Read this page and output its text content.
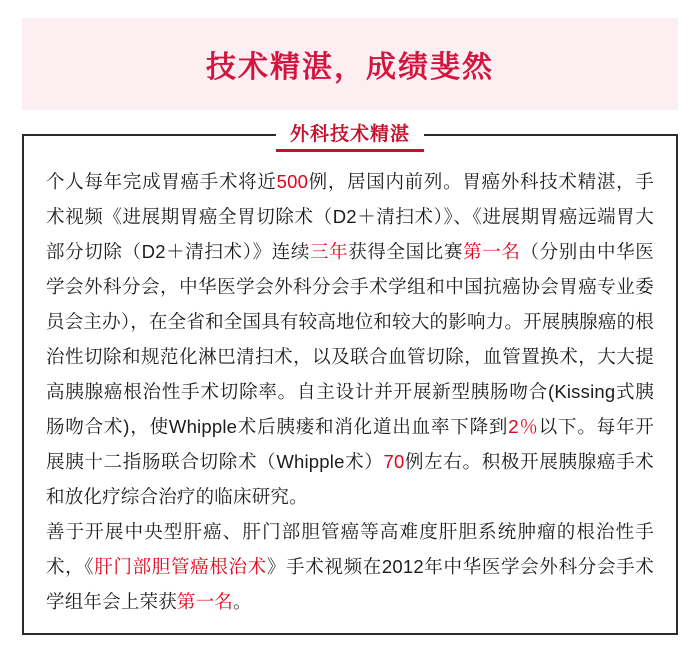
技术精湛，成绩斐然
外科技术精湛

个人每年完成胃癌手术将近500例，居国内前列。胃癌外科技术精湛，手术视频《进展期胃癌全胃切除术（D2＋清扫术）》、《进展期胃癌远端胃大部分切除（D2＋清扫术）》连续三年获得全国比赛第一名（分别由中华医学会外科分会，中华医学会外科分会手术学组和中国抗癌协会胃癌专业委员会主办），在全省和全国具有较高地位和较大的影响力。开展胰腺癌的根治性切除和规范化淋巴清扫术，以及联合血管切除，血管置换术，大大提高胰腺癌根治性手术切除率。自主设计并开展新型胰肠吻合(Kissing式胰肠吻合术)，使Whipple术后胰瘘和消化道出血率下降到2％以下。每年开展胰十二指肠联合切除术（Whipple术）70例左右。积极开展胰腺癌手术和放化疗综合治疗的临床研究。

善于开展中央型肝癌、肝门部胆管癌等高难度肝胆系统肿瘤的根治性手术，《肝门部胆管癌根治术》手术视频在2012年中华医学会外科分会手术学组年会上荣获第一名。
